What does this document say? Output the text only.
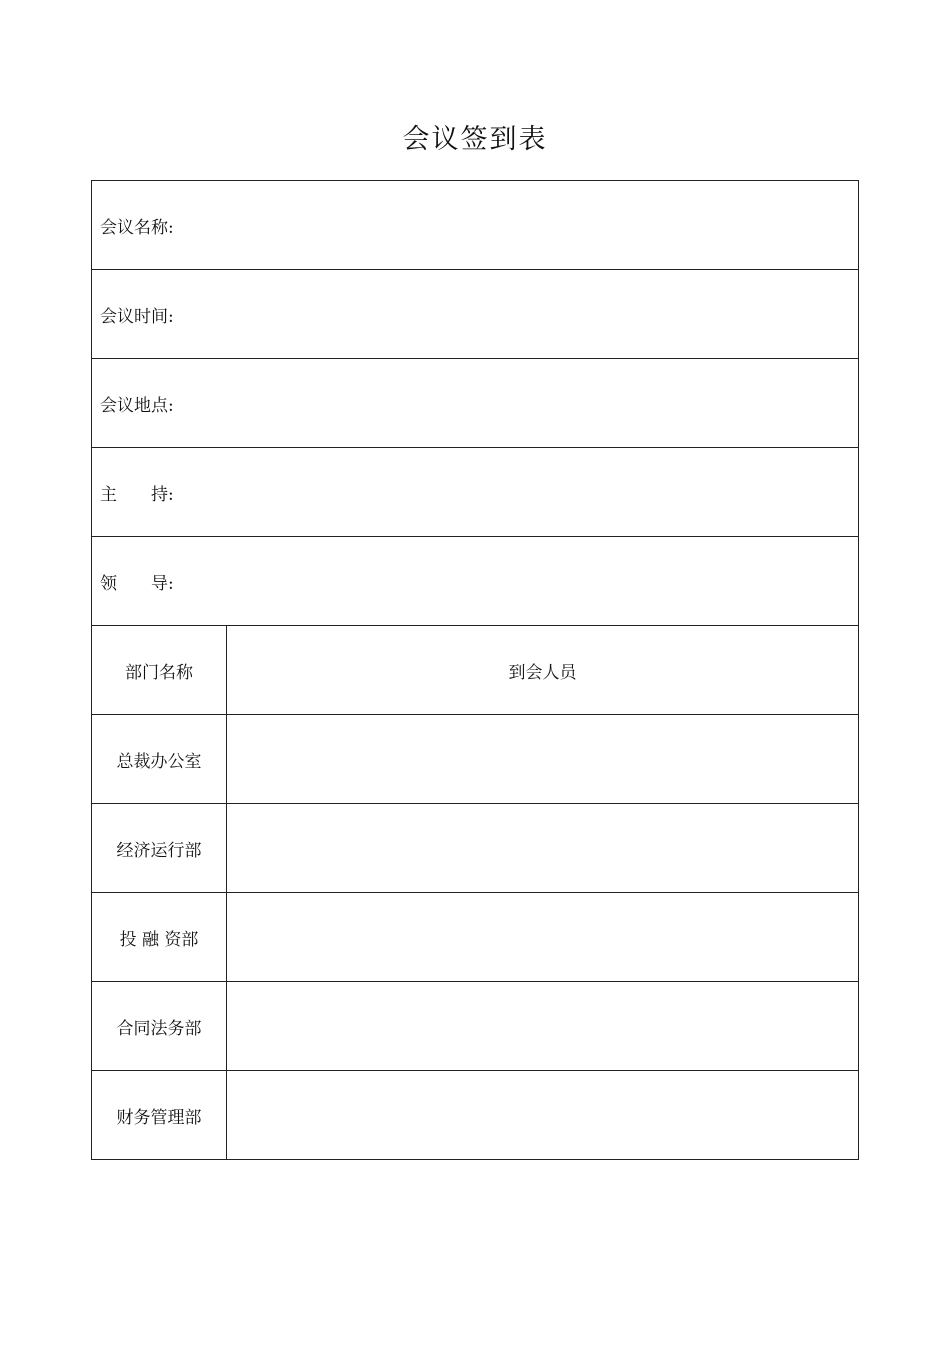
会议签到表
会议名称:	
会议时间:	
会议地点:	
主　　持:	
领　　导:	
部门名称	到会人员
总裁办公室	
经济运行部	
投 融 资部	
合同法务部	
财务管理部	
